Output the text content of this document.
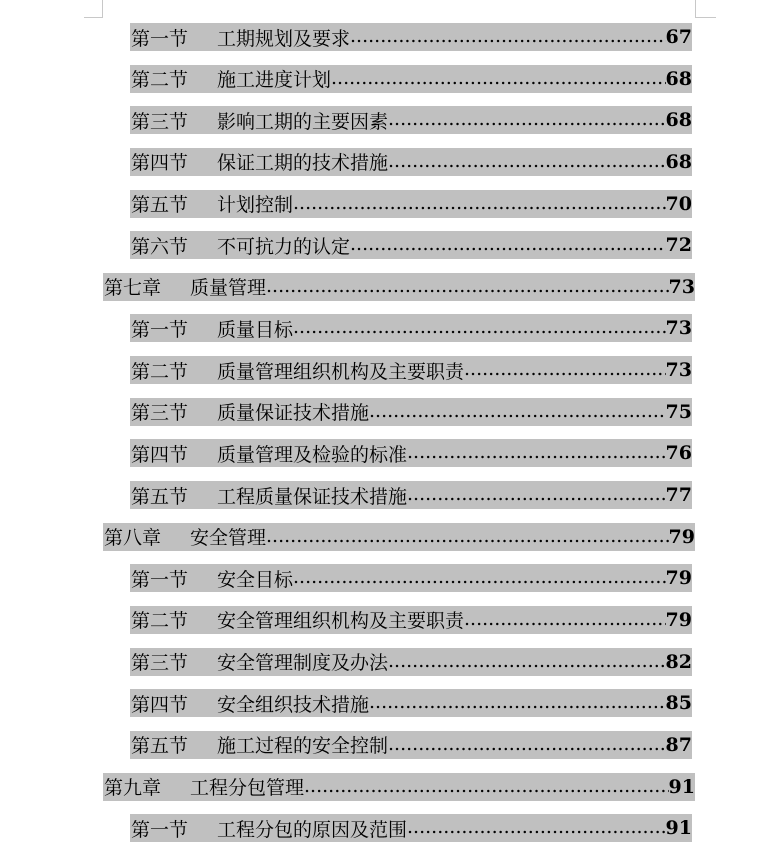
第一节	工期规划及要求 .....	67
第二节	施工进度计划 .....	68
第三节	影响工期的主要因素 .....	68
第四节	保证工期的技术措施 .....	68
第五节	计划控制 .....	70
第六节	不可抗力的认定 .....	72
第七章	质量管理 .....	73
第一节	质量目标 .....	73
第二节	质量管理组织机构及主要职责 .....	73
第三节	质量保证技术措施 .....	75
第四节	质量管理及检验的标准 .....	76
第五节	工程质量保证技术措施 .....	77
第八章	安全管理 .....	79
第一节	安全目标 .....	79
第二节	安全管理组织机构及主要职责 .....	79
第三节	安全管理制度及办法 .....	82
第四节	安全组织技术措施 .....	85
第五节	施工过程的安全控制 .....	87
第九章	工程分包管理 .....	91
第一节	工程分包的原因及范围 .....	91
